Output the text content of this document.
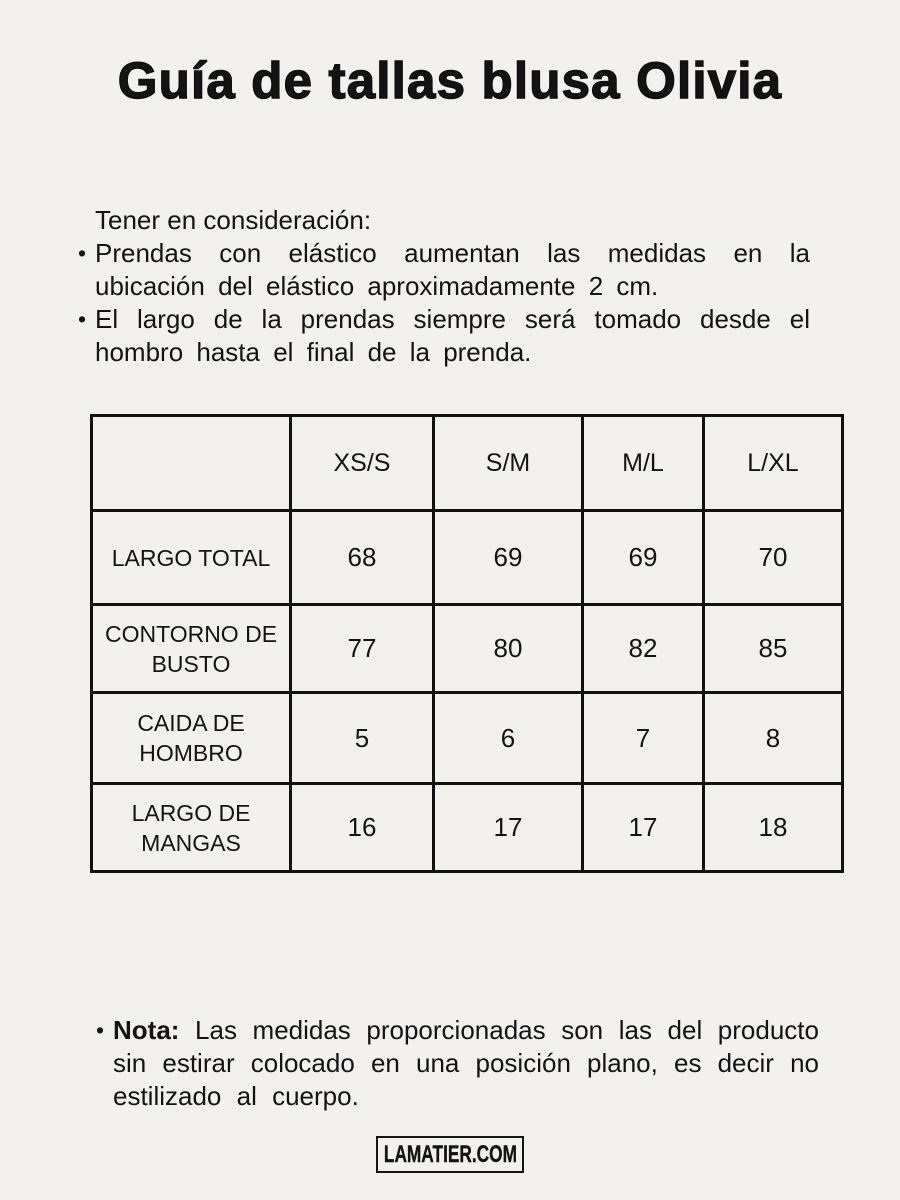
Guía de tallas blusa Olivia
Tener en consideración:
• Prendas con elástico aumentan las medidas en la ubicación del elástico aproximadamente 2 cm.
• El largo de la prendas siempre será tomado desde el hombro hasta el final de la prenda.
	XS/S	S/M	M/L	L/XL
LARGO TOTAL	68	69	69	70
CONTORNO DE BUSTO	77	80	82	85
CAIDA DE HOMBRO	5	6	7	8
LARGO DE MANGAS	16	17	17	18
• Nota: Las medidas proporcionadas son las del producto sin estirar colocado en una posición plano, es decir no estilizado al cuerpo.
LAMATIER.COM
